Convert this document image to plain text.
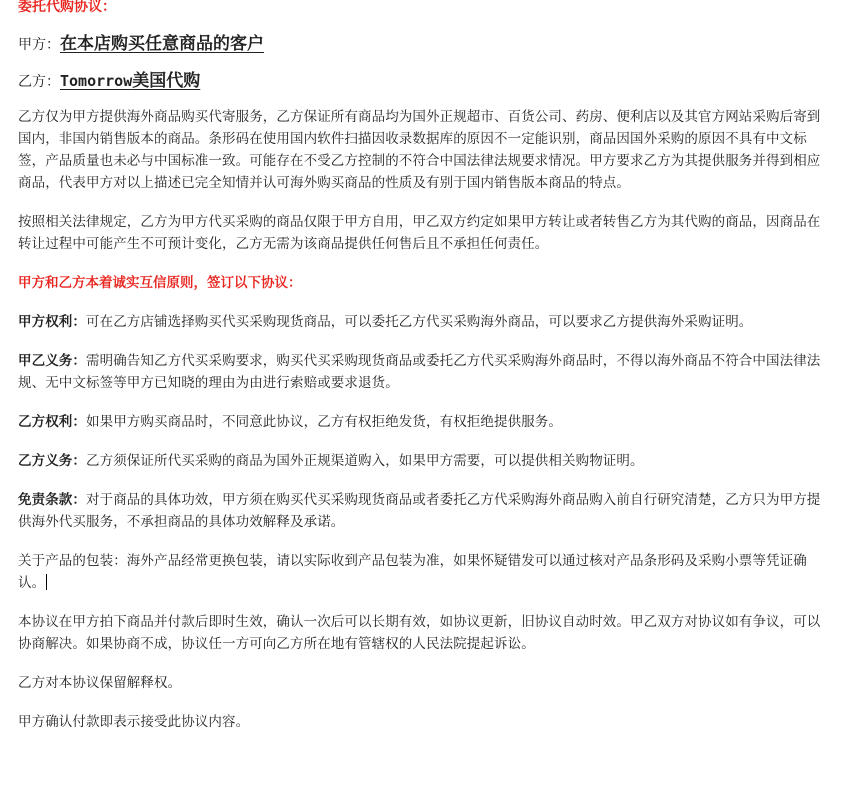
委托代购协议：
甲方：在本店购买任意商品的客户
乙方：Tomorrow美国代购

乙方仅为甲方提供海外商品购买代寄服务，乙方保证所有商品均为国外正规超市、百货公司、药房、便利店以及其官方网站采购后寄到国内，非国内销售版本的商品。条形码在使用国内软件扫描因收录数据库的原因不一定能识别，商品因国外采购的原因不具有中文标签，产品质量也未必与中国标准一致。可能存在不受乙方控制的不符合中国法律法规要求情况。甲方要求乙方为其提供服务并得到相应商品，代表甲方对以上描述已完全知情并认可海外购买商品的性质及有别于国内销售版本商品的特点。

按照相关法律规定，乙方为甲方代买采购的商品仅限于甲方自用，甲乙双方约定如果甲方转让或者转售乙方为其代购的商品，因商品在转让过程中可能产生不可预计变化，乙方无需为该商品提供任何售后且不承担任何责任。

甲方和乙方本着诚实互信原则，签订以下协议：

甲方权利：可在乙方店铺选择购买代买采购现货商品，可以委托乙方代买采购海外商品，可以要求乙方提供海外采购证明。

甲乙义务：需明确告知乙方代买采购要求，购买代买采购现货商品或委托乙方代买采购海外商品时，不得以海外商品不符合中国法律法规、无中文标签等甲方已知晓的理由为由进行索赔或要求退货。

乙方权利：如果甲方购买商品时，不同意此协议，乙方有权拒绝发货，有权拒绝提供服务。

乙方义务：乙方须保证所代买采购的商品为国外正规渠道购入，如果甲方需要，可以提供相关购物证明。

免责条款：对于商品的具体功效，甲方须在购买代买采购现货商品或者委托乙方代采购海外商品购入前自行研究清楚，乙方只为甲方提供海外代买服务，不承担商品的具体功效解释及承诺。

关于产品的包装：海外产品经常更换包装，请以实际收到产品包装为准，如果怀疑错发可以通过核对产品条形码及采购小票等凭证确认。

本协议在甲方拍下商品并付款后即时生效，确认一次后可以长期有效，如协议更新，旧协议自动时效。甲乙双方对协议如有争议，可以协商解决。如果协商不成，协议任一方可向乙方所在地有管辖权的人民法院提起诉讼。

乙方对本协议保留解释权。

甲方确认付款即表示接受此协议内容。
